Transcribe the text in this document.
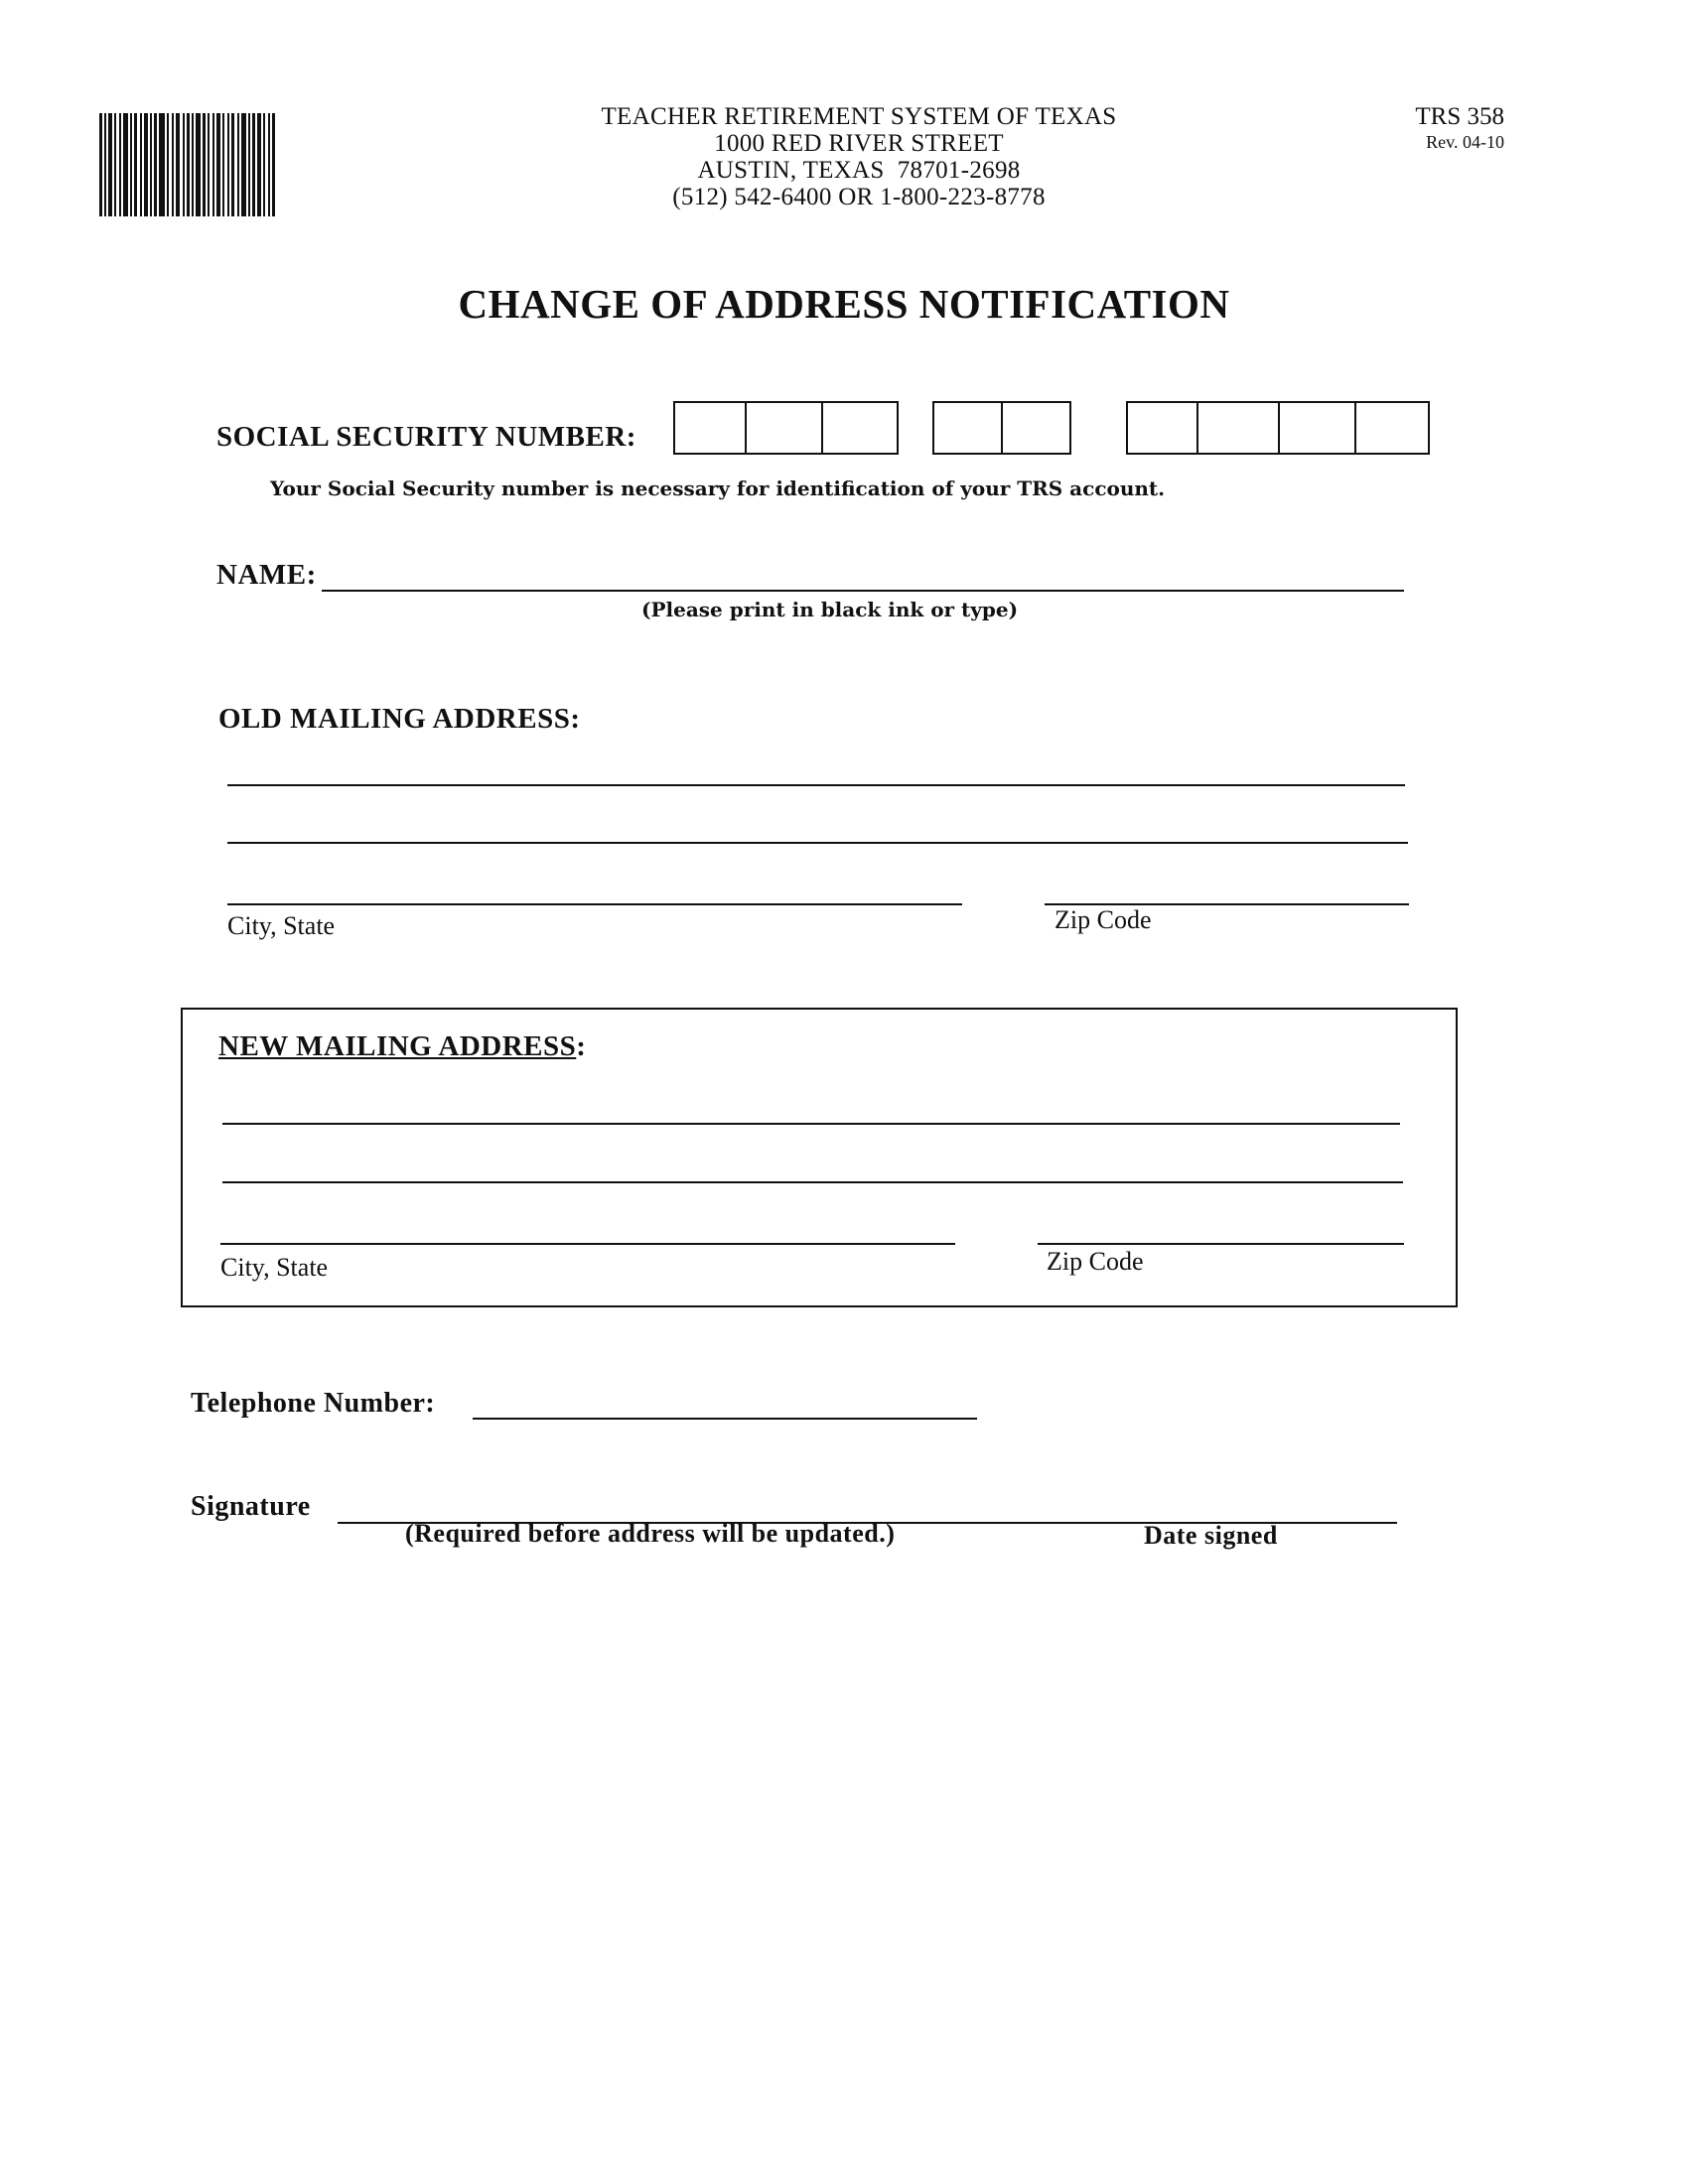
TEACHER RETIREMENT SYSTEM OF TEXAS
1000 RED RIVER STREET
AUSTIN, TEXAS  78701-2698
(512) 542-6400 OR 1-800-223-8778
TRS 358
Rev. 04-10
CHANGE OF ADDRESS NOTIFICATION
SOCIAL SECURITY NUMBER:
Your Social Security number is necessary for identification of your TRS account.
NAME:
(Please print in black ink or type)
OLD MAILING ADDRESS:
City, State	Zip Code
NEW MAILING ADDRESS:
City, State	Zip Code
Telephone Number:
Signature
(Required before address will be updated.)	Date signed
